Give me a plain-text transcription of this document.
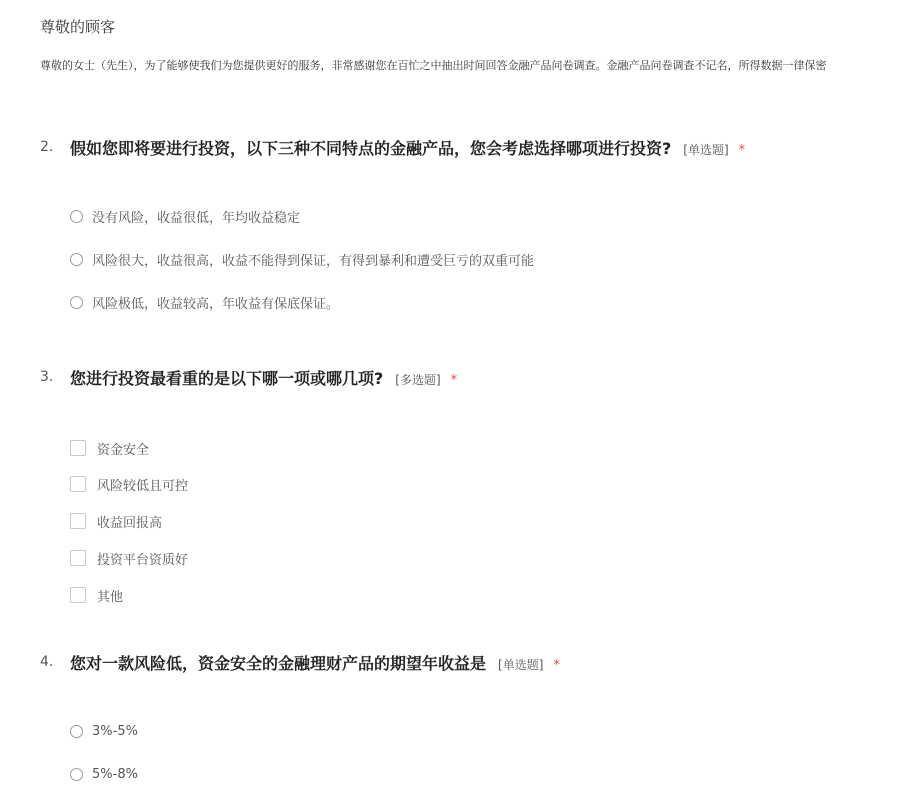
尊敬的顾客
尊敬的女士（先生），为了能够使我们为您提供更好的服务，非常感谢您在百忙之中抽出时间回答金融产品问卷调查。金融产品问卷调查不记名，所得数据一律保密
2. 假如您即将要进行投资，以下三种不同特点的金融产品，您会考虑选择哪项进行投资? [单选题] *
没有风险，收益很低，年均收益稳定
风险很大，收益很高，收益不能得到保证，有得到暴利和遭受巨亏的双重可能
风险极低，收益较高，年收益有保底保证。
3. 您进行投资最看重的是以下哪一项或哪几项? [多选题] *
资金安全
风险较低且可控
收益回报高
投资平台资质好
其他
4. 您对一款风险低，资金安全的金融理财产品的期望年收益是 [单选题] *
3%-5%
5%-8%
